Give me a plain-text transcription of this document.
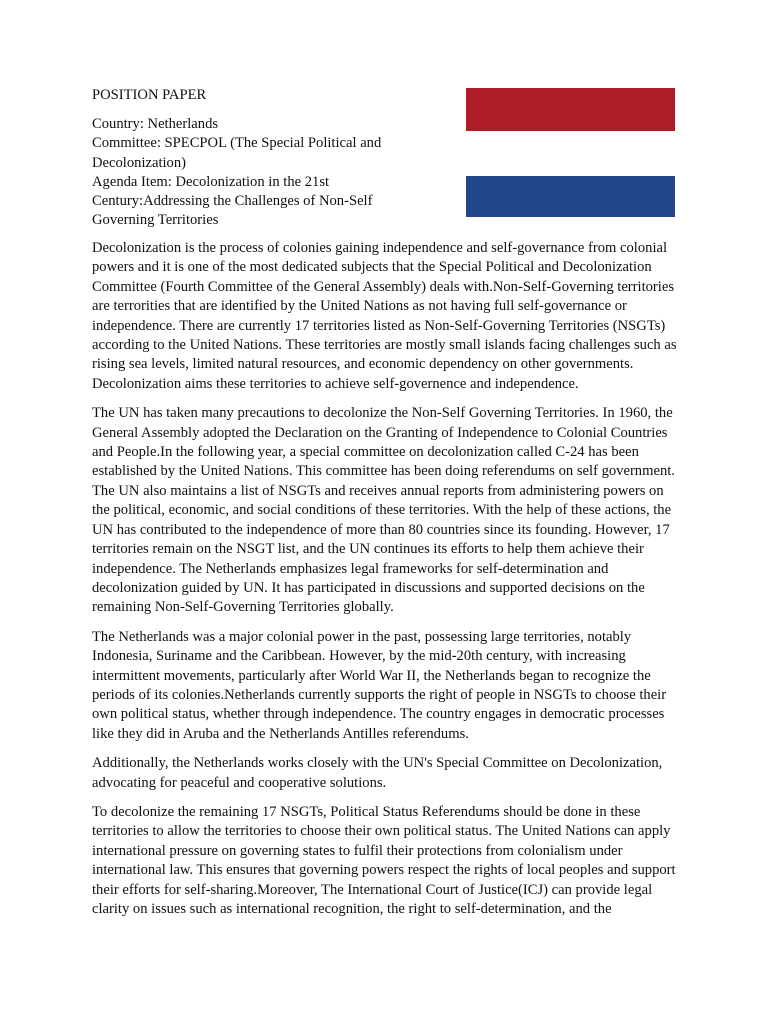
POSITION PAPER
Country: Netherlands
Committee: SPECPOL (The Special Political and Decolonization)
Agenda Item: Decolonization in the 21st Century:Addressing the Challenges of Non-Self Governing Territories

Decolonization is the process of colonies gaining independence and self-governance from colonial powers and it is one of the most dedicated subjects that the Special Political and Decolonization Committee (Fourth Committee of the General Assembly) deals with.Non-Self-Governing territories are terrorities that are identified by the United Nations as not having full self-governance or independence. There are currently 17 territories listed as Non-Self-Governing Territories (NSGTs) according to the United Nations. These territories are mostly small islands facing challenges such as rising sea levels, limited natural resources, and economic dependency on other governments. Decolonization aims these territories to achieve self-governence and independence.

The UN has taken many precautions to decolonize the Non-Self Governing Territories. In 1960, the General Assembly adopted the Declaration on the Granting of Independence to Colonial Countries and People.In the following year, a special committee on decolonization called C-24 has been established by the United Nations. This committee has been doing referendums on self government. The UN also maintains a list of NSGTs and receives annual reports from administering powers on the political, economic, and social conditions of these territories. With the help of these actions, the UN has contributed to the independence of more than 80 countries since its founding. However, 17 territories remain on the NSGT list, and the UN continues its efforts to help them achieve their independence. The Netherlands emphasizes legal frameworks for self-determination and decolonization guided by UN. It has participated in discussions and supported decisions on the remaining Non-Self-Governing Territories globally.

The Netherlands was a major colonial power in the past, possessing large territories, notably Indonesia, Suriname and the Caribbean. However, by the mid-20th century, with increasing intermittent movements, particularly after World War II, the Netherlands began to recognize the periods of its colonies.Netherlands currently supports the right of people in NSGTs to choose their own political status, whether through independence. The country engages in democratic processes like they did in Aruba and the Netherlands Antilles referendums.

Additionally, the Netherlands works closely with the UN's Special Committee on Decolonization, advocating for peaceful and cooperative solutions.

To decolonize the remaining 17 NSGTs, Political Status Referendums should be done in these territories to allow the territories to choose their own political status. The United Nations can apply international pressure on governing states to fulfil their protections from colonialism under international law. This ensures that governing powers respect the rights of local peoples and support their efforts for self-sharing.Moreover, The International Court of Justice(ICJ) can provide legal clarity on issues such as international recognition, the right to self-determination, and the
